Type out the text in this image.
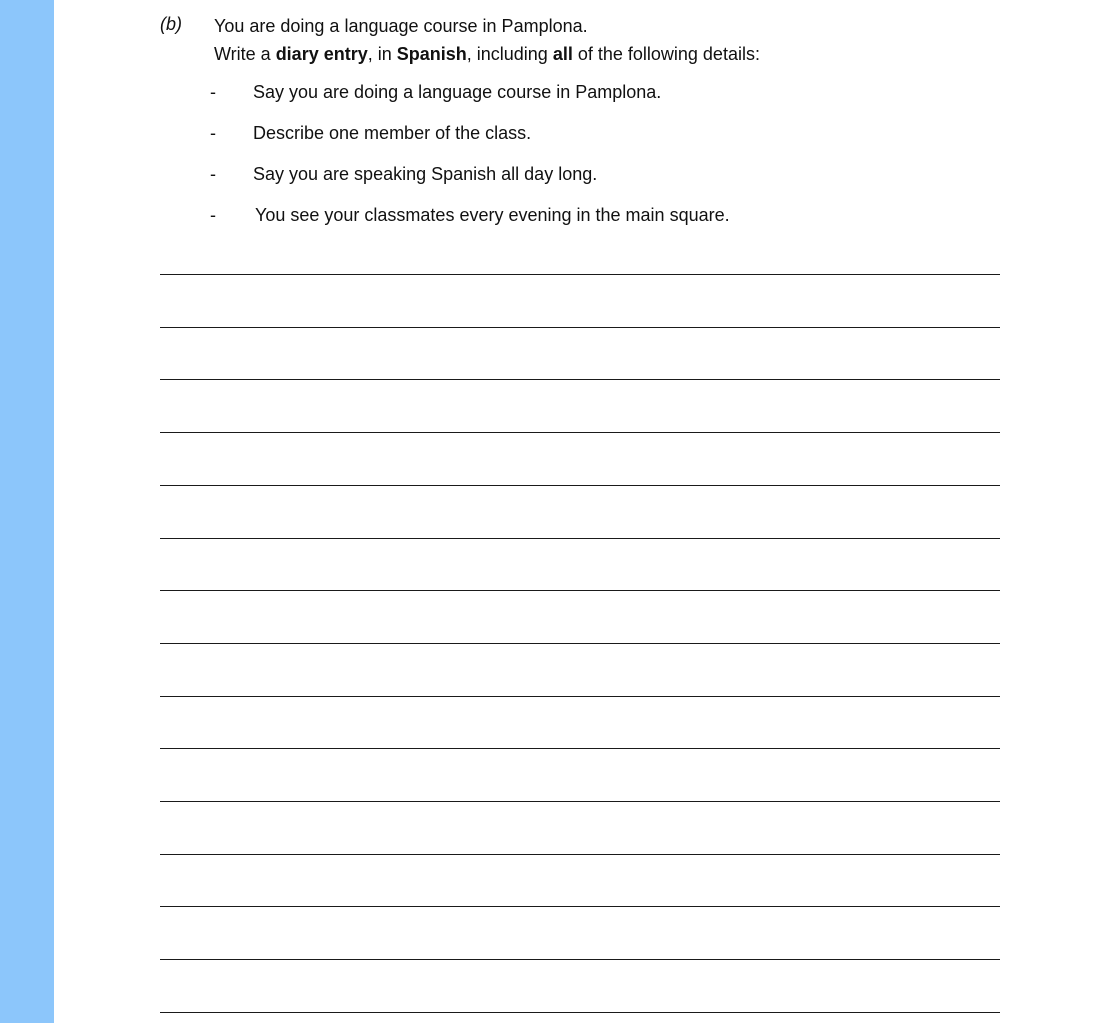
(b) You are doing a language course in Pamplona.
Write a diary entry, in Spanish, including all of the following details:
- Say you are doing a language course in Pamplona.
- Describe one member of the class.
- Say you are speaking Spanish all day long.
- You see your classmates every evening in the main square.
